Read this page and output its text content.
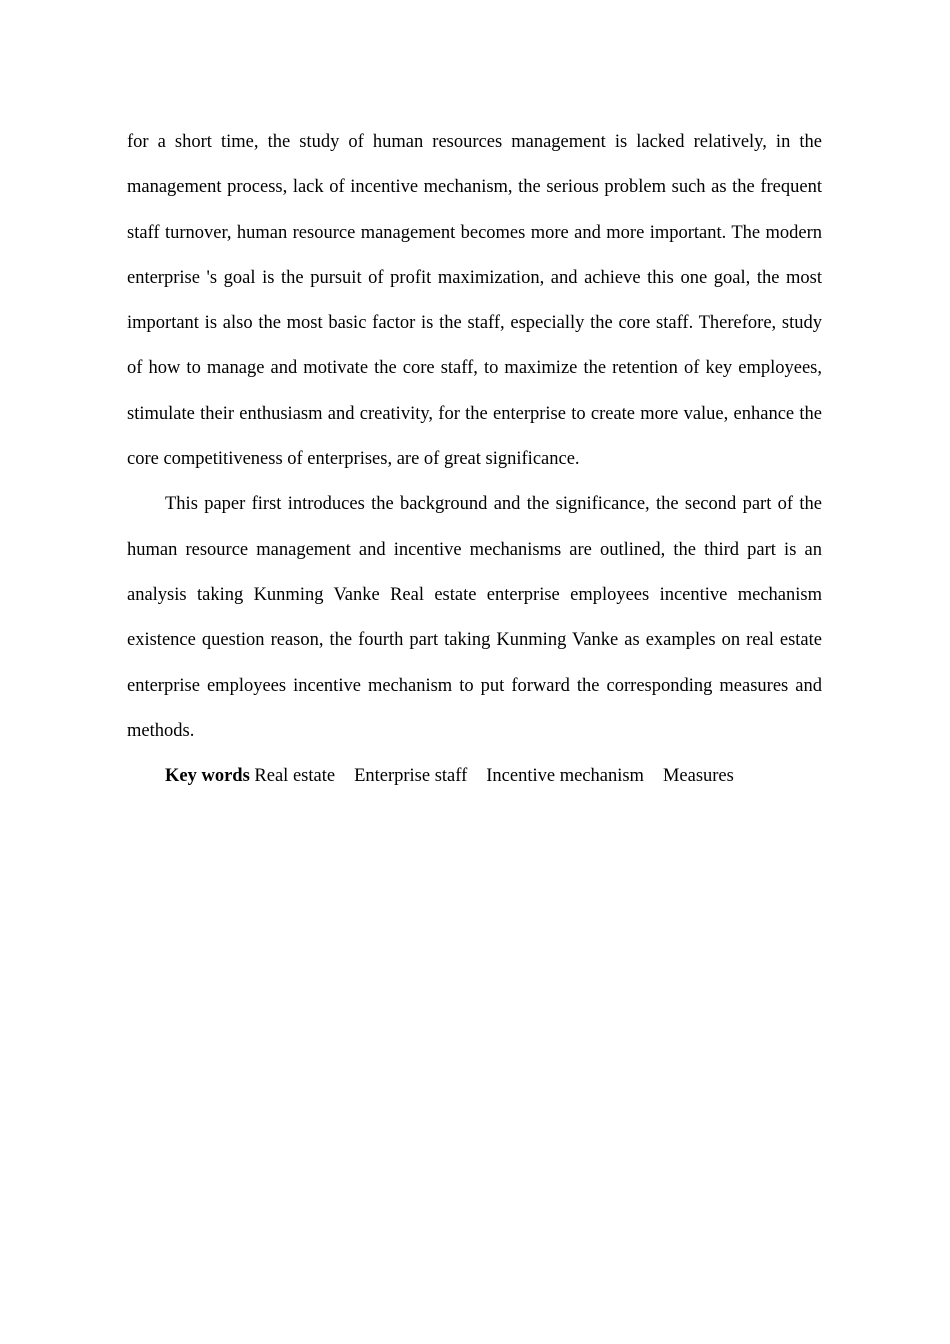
for a short time, the study of human resources management is lacked relatively, in the management process, lack of incentive mechanism, the serious problem such as the frequent staff turnover, human resource management becomes more and more important. The modern enterprise 's goal is the pursuit of profit maximization, and achieve this one goal, the most important is also the most basic factor is the staff, especially the core staff. Therefore, study of how to manage and motivate the core staff, to maximize the retention of key employees, stimulate their enthusiasm and creativity, for the enterprise to create more value, enhance the core competitiveness of enterprises, are of great significance.

This paper first introduces the background and the significance, the second part of the human resource management and incentive mechanisms are outlined, the third part is an analysis taking Kunming Vanke Real estate enterprise employees incentive mechanism existence question reason, the fourth part taking Kunming Vanke as examples on real estate enterprise employees incentive mechanism to put forward the corresponding measures and methods.

Key words Real estate Enterprise staff Incentive mechanism Measures
